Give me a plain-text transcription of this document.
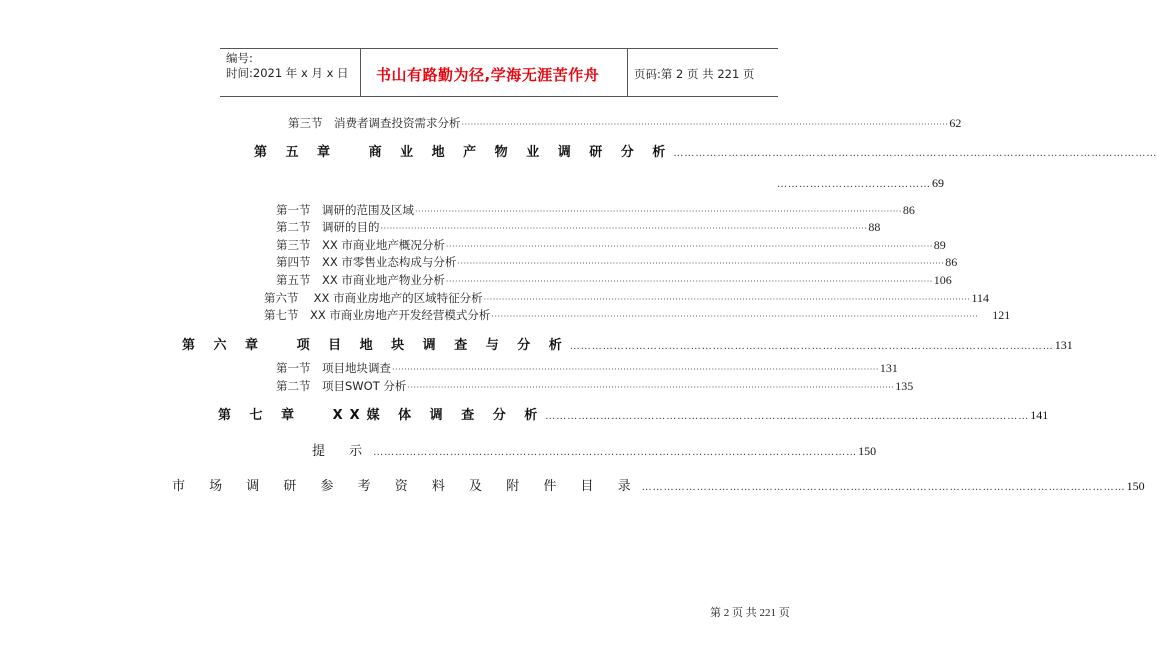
编号:
时间:2021 年 x 月 x 日 书山有路勤为径,学海无涯苦作舟	页码:第 2 页 共 221 页
第三节　消费者调查投资需求分析 ································································································································································ 62
第 五 章　 商 业 地 产 物 业 调 研 分 析 ……………………………………………………………………………………………………………………
…………………………………… 69
第一节　调研的范围及区域 ································································································································································ 86
第二节　调研的目的 ································································································································································ 88
第三节　XX 市商业地产概况分析 ································································································································································ 89
第四节　XX 市零售业态构成与分析 ································································································································································ 86
第五节　XX 市商业地产物业分析 ································································································································································ 106
第六节　 XX 市商业房地产的区域特征分析 ································································································································································ 114
第七节　XX 市商业房地产开发经营模式分析 ································································································································································ 121
第 六 章　 项 目 地 块 调 查 与 分 析 …………………………………………………………………………………………………………………… 131
第一节　项目地块调查 ································································································································································ 131
第二节　项目SWOT 分析 ································································································································································ 135
第 七 章　 XX媒 体 调 查 分 析 …………………………………………………………………………………………………………………… 141
提 示 …………………………………………………………………………………………………………………… 150
市 场 调 研 参 考 资 料 及 附 件 目 录 …………………………………………………………………………………………………………………… 150
第 2 页 共 221 页
